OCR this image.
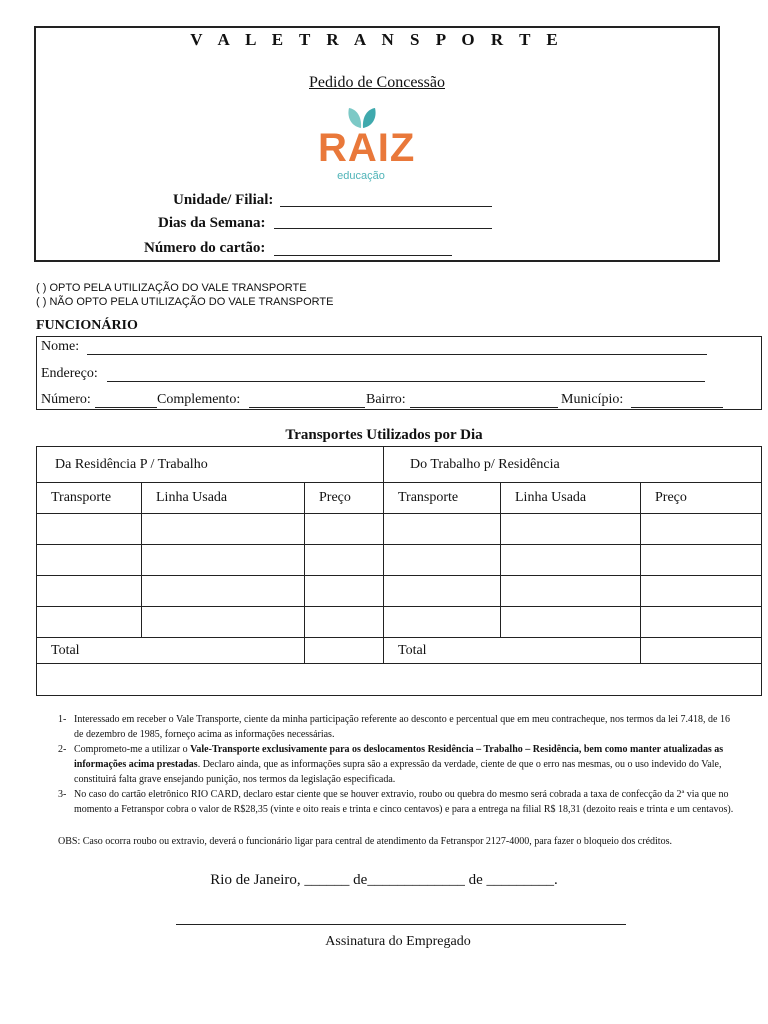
V A L E T R A N S P O R T E
Pedido de Concessão
RAIZ
educação
Unidade/ Filial:
Dias da Semana:
Número do cartão:
( ) OPTO PELA UTILIZAÇÃO DO VALE TRANSPORTE
( ) NÃO OPTO PELA UTILIZAÇÃO DO VALE TRANSPORTE
FUNCIONÁRIO
Nome:
Endereço:
Número:	Complemento:	Bairro:	Município:
Transportes Utilizados por Dia
Da Residência P / Trabalho			Do Trabalho p/ Residência		
Transporte	Linha Usada	Preço	Transporte	Linha Usada	Preço

Total			Total		

1- Interessado em receber o Vale Transporte, ciente da minha participação referente ao desconto e percentual que em meu contracheque, nos termos da lei 7.418, de 16 de dezembro de 1985, forneço acima as informações necessárias.

2- Comprometo-me a utilizar o Vale-Transporte exclusivamente para os deslocamentos Residência – Trabalho – Residência, bem como manter atualizadas as informações acima prestadas. Declaro ainda, que as informações supra são a expressão da verdade, ciente de que o erro nas mesmas, ou o uso indevido do Vale, constituirá falta grave ensejando punição, nos termos da legislação especificada.

3- No caso do cartão eletrônico RIO CARD, declaro estar ciente que se houver extravio, roubo ou quebra do mesmo será cobrada a taxa de confecção da 2ª via que no momento a Fetranspor cobra o valor de R$28,35 (vinte e oito reais e trinta e cinco centavos) e para a entrega na filial R$ 18,31 (dezoito reais e trinta e um centavos).

OBS: Caso ocorra roubo ou extravio, deverá o funcionário ligar para central de atendimento da Fetranspor 2127-4000, para fazer o bloqueio dos créditos.
Rio de Janeiro, ______ de_____________ de _________.
Assinatura do Empregado
